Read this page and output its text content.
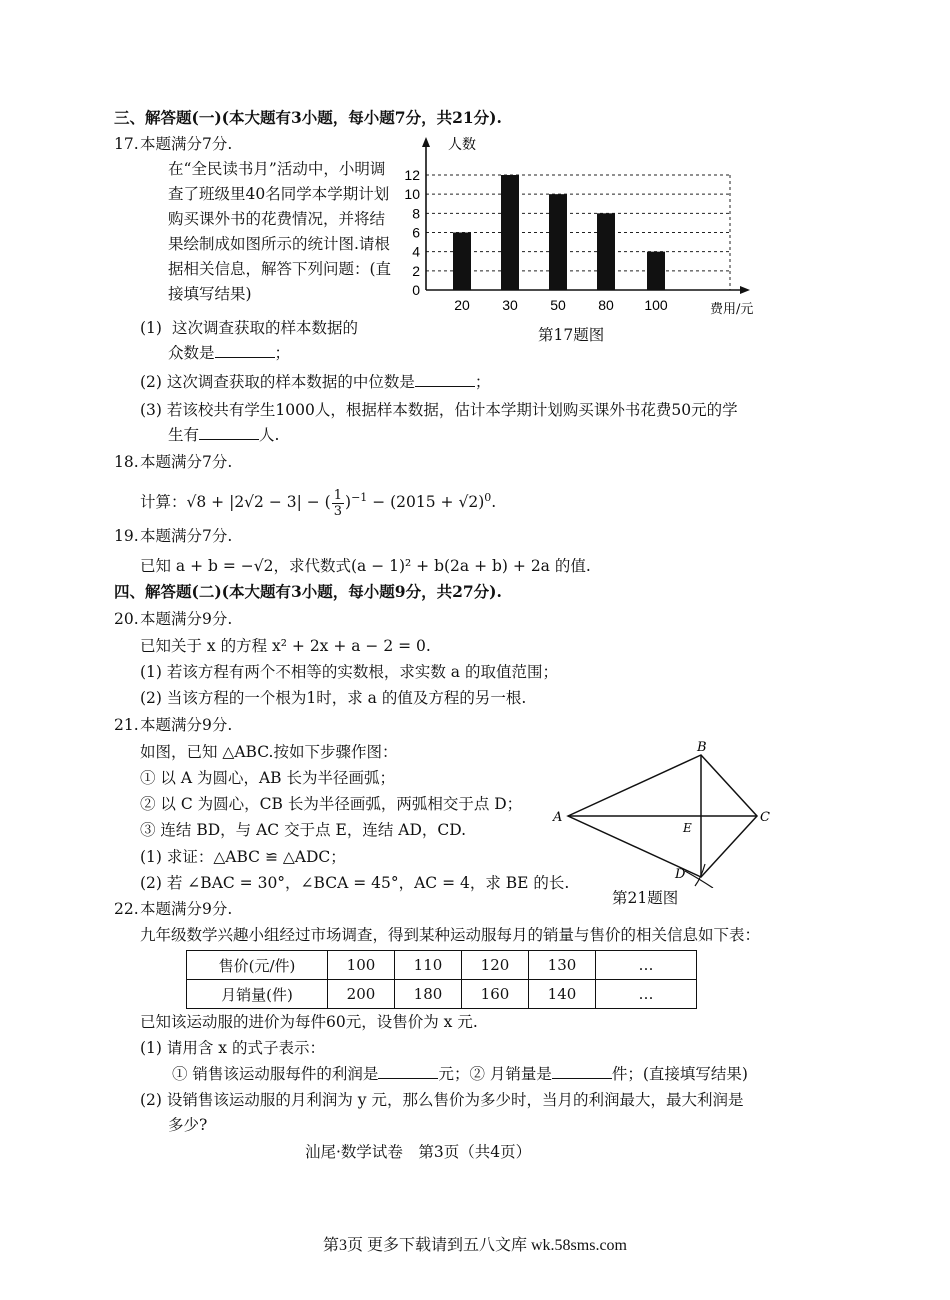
三、解答题(一)(本大题有3小题，每小题7分，共21分).
17. 本题满分7分.
在“全民读书月”活动中，小明调
查了班级里40名同学本学期计划
购买课外书的花费情况，并将结
果绘制成如图所示的统计图.请根
据相关信息，解答下列问题：(直
接填写结果)
(1) 这次调查获取的样本数据的
众数是	；
(2) 这次调查获取的样本数据的中位数是	；
(3) 若该校共有学生1000人，根据样本数据，估计本学期计划购买课外书花费50元的学
生有	人.
人数
费用/元
0
2
4
6
8
10
12
20 30 50 80 100
第17题图
18. 本题满分7分.
计算：√8 + |2√2 − 3| − ( $\frac{1}{3} )^{-1} - (2015 + √2)^0$.
19. 本题满分7分.
已知 a + b = −√2，求代数式(a − 1)² + b(2a + b) + 2a 的值.
四、解答题(二)(本大题有3小题，每小题9分，共27分).
20. 本题满分9分.
已知关于 x 的方程 x² + 2x + a − 2 = 0.
(1) 若该方程有两个不相等的实数根，求实数 a 的取值范围；
(2) 当该方程的一个根为1时，求 a 的值及方程的另一根.
21. 本题满分9分.
如图，已知 △ABC.按如下步骤作图：
① 以 A 为圆心，AB 长为半径画弧；
② 以 C 为圆心，CB 长为半径画弧，两弧相交于点 D；
③ 连结 BD，与 AC 交于点 E，连结 AD，CD.
(1) 求证：△ABC ≌ △ADC；
(2) 若 ∠BAC = 30°，∠BCA = 45°，AC = 4，求 BE 的长.
A
B
C
D
E
第21题图
22. 本题满分9分.
九年级数学兴趣小组经过市场调查，得到某种运动服每月的销量与售价的相关信息如下表：
售价(元/件)	100	110	120	130	…
月销量(件)	200	180	160	140	…
已知该运动服的进价为每件60元，设售价为 x 元.
(1) 请用含 x 的式子表示：
① 销售该运动服每件的利润是	元；② 月销量是	件；(直接填写结果)
(2) 设销售该运动服的月利润为 y 元，那么售价为多少时，当月的利润最大，最大利润是
多少?
汕尾·数学试卷　第3页（共4页）
第3页 更多下载请到五八文库 wk.58sms.com
